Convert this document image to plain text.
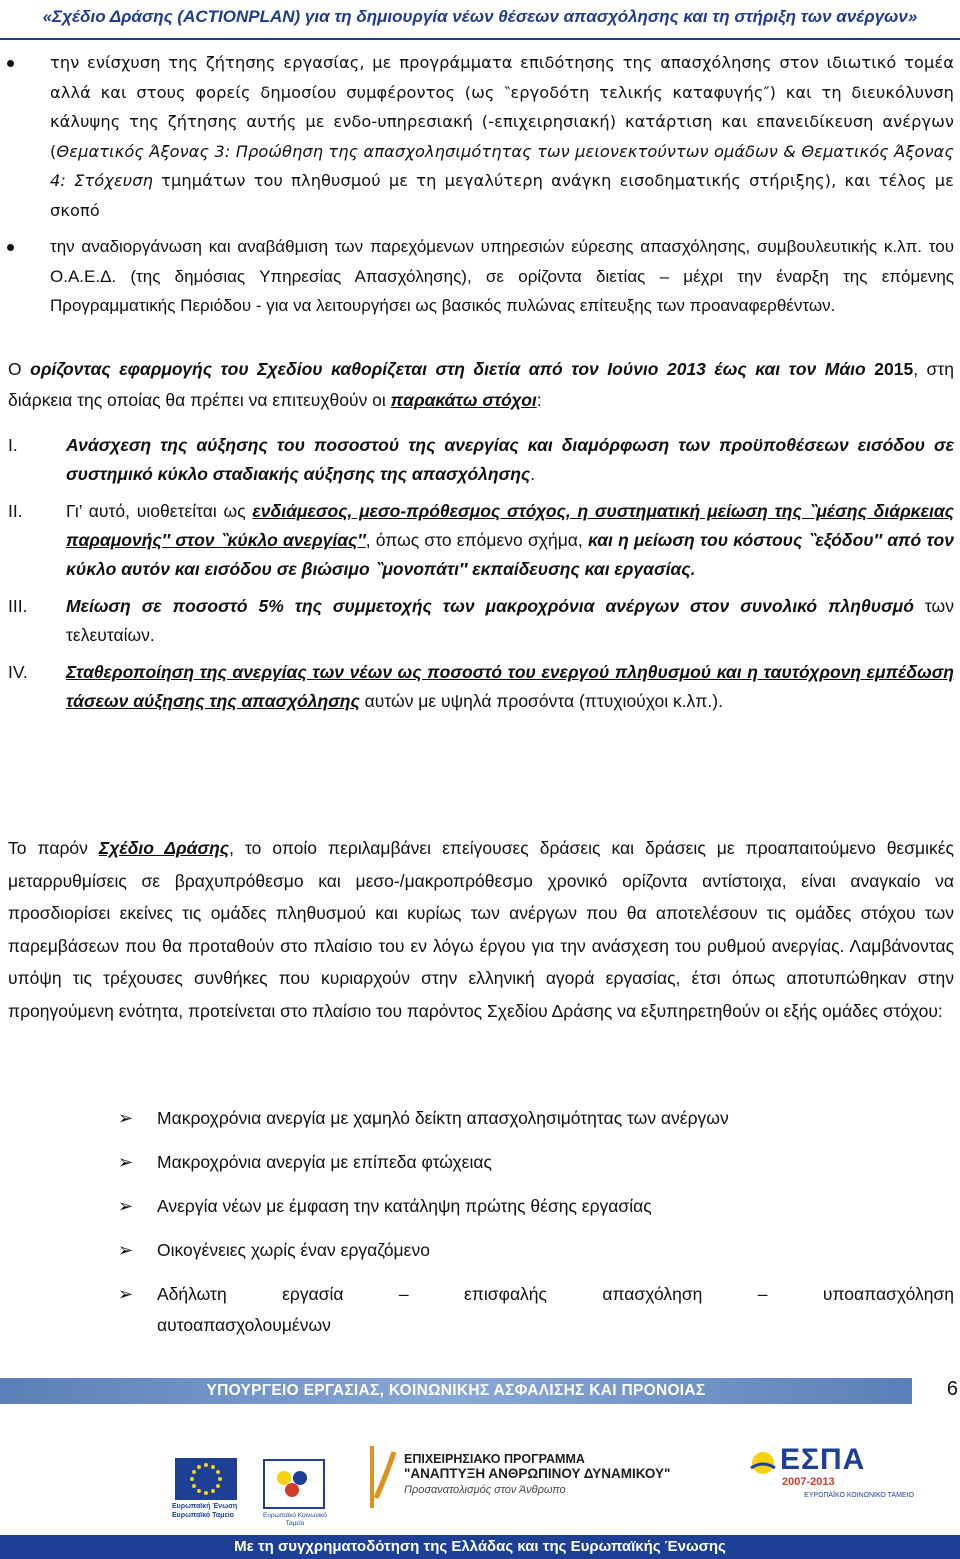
«Σχέδιο Δράσης (ACTIONPLAN) για τη δημιουργία νέων θέσεων απασχόλησης και τη στήριξη των ανέργων»
την ενίσχυση της ζήτησης εργασίας, με προγράμματα επιδότησης της απασχόλησης στον ιδιωτικό τομέα αλλά και στους φορείς δημοσίου συμφέροντος (ως ‶εργοδότη τελικής καταφυγής″) και τη διευκόλυνση κάλυψης της ζήτησης αυτής με ενδο-υπηρεσιακή (-επιχειρησιακή) κατάρτιση και επανειδίκευση ανέργων (Θεματικός Άξονας 3: Προώθηση της απασχολησιμότητας των μειονεκτούντων ομάδων & Θεματικός Άξονας 4: Στόχευση τμημάτων του πληθυσμού με τη μεγαλύτερη ανάγκη εισοδηματικής στήριξης), και τέλος με σκοπό
την αναδιοργάνωση και αναβάθμιση των παρεχόμενων υπηρεσιών εύρεσης απασχόλησης, συμβουλευτικής κ.λπ. του Ο.Α.Ε.Δ. (της δημόσιας Υπηρεσίας Απασχόλησης), σε ορίζοντα διετίας – μέχρι την έναρξη της επόμενης Προγραμματικής Περιόδου - για να λειτουργήσει ως βασικός πυλώνας επίτευξης των προαναφερθέντων.
Ο ορίζοντας εφαρμογής του Σχεδίου καθορίζεται στη διετία από τον Ιούνιο 2013 έως και τον Μάιο 2015, στη διάρκεια της οποίας θα πρέπει να επιτευχθούν οι παρακάτω στόχοι:
I.	Ανάσχεση της αύξησης του ποσοστού της ανεργίας και διαμόρφωση των προϋποθέσεων εισόδου σε συστημικό κύκλο σταδιακής αύξησης της απασχόλησης.
II. Γι’ αυτό, υιοθετείται ως ενδιάμεσος, μεσο-πρόθεσμος στόχος, η συστηματική μείωση της ‶μέσης διάρκειας παραμονής″ στον ‶κύκλο ανεργίας″, όπως στο επόμενο σχήμα, και η μείωση του κόστους ‶εξόδου″ από τον κύκλο αυτόν και εισόδου σε βιώσιμο ‶μονοπάτι″ εκπαίδευσης και εργασίας.
III. Μείωση σε ποσοστό 5% της συμμετοχής των μακροχρόνια ανέργων στον συνολικό πληθυσμό των τελευταίων.
IV. Σταθεροποίηση της ανεργίας των νέων ως ποσοστό του ενεργού πληθυσμού και η ταυτόχρονη εμπέδωση τάσεων αύξησης της απασχόλησης αυτών με υψηλά προσόντα (πτυχιούχοι κ.λπ.).
Το παρόν Σχέδιο Δράσης, το οποίο περιλαμβάνει επείγουσες δράσεις και δράσεις με προαπαιτούμενο θεσμικές μεταρρυθμίσεις σε βραχυπρόθεσμο και μεσο-/μακροπρόθεσμο χρονικό ορίζοντα αντίστοιχα, είναι αναγκαίο να προσδιορίσει εκείνες τις ομάδες πληθυσμού και κυρίως των ανέργων που θα αποτελέσουν τις ομάδες στόχου των παρεμβάσεων που θα προταθούν στο πλαίσιο του εν λόγω έργου για την ανάσχεση του ρυθμού ανεργίας. Λαμβάνοντας υπόψη τις τρέχουσες συνθήκες που κυριαρχούν στην ελληνική αγορά εργασίας, έτσι όπως αποτυπώθηκαν στην προηγούμενη ενότητα, προτείνεται στο πλαίσιο του παρόντος Σχεδίου Δράσης να εξυπηρετηθούν οι εξής ομάδες στόχου:
➢ Μακροχρόνια ανεργία με χαμηλό δείκτη απασχολησιμότητας των ανέργων
➢ Μακροχρόνια ανεργία με επίπεδα φτώχειας
➢ Ανεργία νέων με έμφαση την κατάληψη πρώτης θέσης εργασίας
➢ Οικογένειες χωρίς έναν εργαζόμενο
➢ Αδήλωτη εργασία – επισφαλής απασχόληση – υποαπασχόληση
αυτοαπασχολουμένων
ΥΠΟΥΡΓΕΙΟ ΕΡΓΑΣΙΑΣ, ΚΟΙΝΩΝΙΚΗΣ ΑΣΦΑΛΙΣΗΣ ΚΑΙ ΠΡΟΝΟΙΑΣ	6
Ευρωπαϊκή Ένωση Ευρωπαϊκό Ταμείο	Ευρωπαϊκό Κοινωνικό Ταμείο
ΕΠΙΧΕΙΡΗΣΙΑΚΟ ΠΡΟΓΡΑΜΜΑ
"ΑΝΑΠΤΥΞΗ ΑΝΘΡΩΠΙΝΟΥ ΔΥΝΑΜΙΚΟΥ"
Προσανατολισμός στον Άνθρωπο
ΕΣΠΑ
2007-2013
ΕΥΡΩΠΑΪΚΟ ΚΟΙΝΩΝΙΚΟ ΤΑΜΕΙΟ
Με τη συγχρηματοδότηση της Ελλάδας και της Ευρωπαϊκής Ένωσης
